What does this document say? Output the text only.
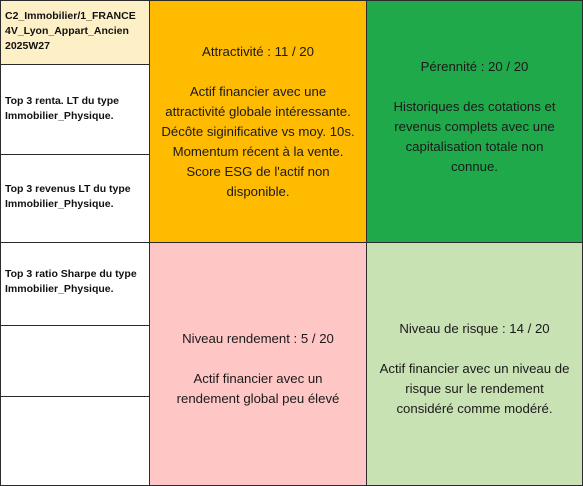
C2_Immobilier/1_FRANCE
4V_Lyon_Appart_Ancien
2025W27
Top 3 renta. LT du type
Immobilier_Physique.
Top 3 revenus LT du type
Immobilier_Physique.
Top 3 ratio Sharpe du type
Immobilier_Physique.
Attractivité : 11 / 20
Actif financier avec une
attractivité globale intéressante.
Décôte siginificative vs moy. 10s.
Momentum récent à la vente.
Score ESG de l'actif non
disponible.
Pérennité : 20 / 20
Historiques des cotations et
revenus complets avec une
capitalisation totale non
connue.
Niveau rendement : 5 / 20
Actif financier avec un
rendement global peu élevé
Niveau de risque : 14 / 20
Actif financier avec un niveau de
risque sur le rendement
considéré comme modéré.
